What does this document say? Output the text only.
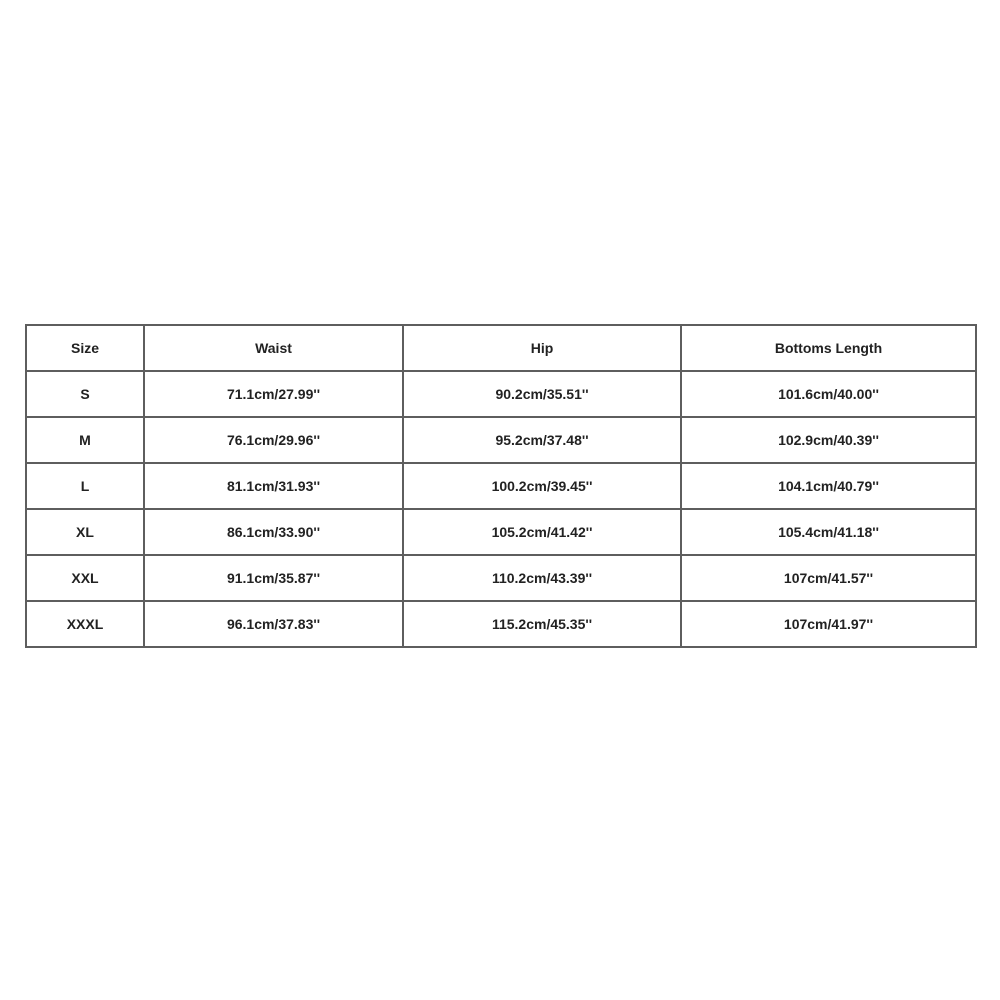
Size	Waist	Hip	Bottoms Length
S	71.1cm/27.99''	90.2cm/35.51''	101.6cm/40.00''
M	76.1cm/29.96''	95.2cm/37.48''	102.9cm/40.39''
L	81.1cm/31.93''	100.2cm/39.45''	104.1cm/40.79''
XL	86.1cm/33.90''	105.2cm/41.42''	105.4cm/41.18''
XXL	91.1cm/35.87''	110.2cm/43.39''	107cm/41.57''
XXXL	96.1cm/37.83''	115.2cm/45.35''	107cm/41.97''
